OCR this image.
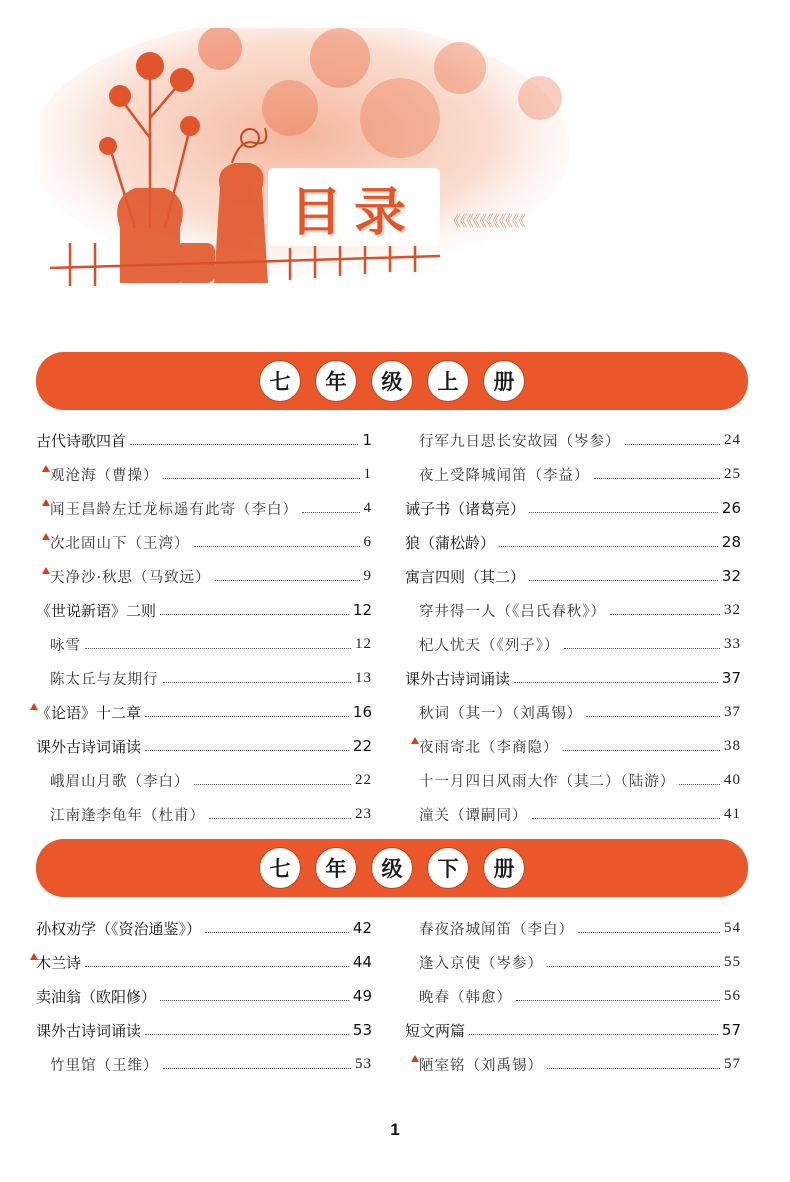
目录 《《《《《《《《《《《
七	年	级	上	册
古代诗歌四首	1
观沧海（曹操）	1
闻王昌龄左迁龙标遥有此寄（李白）	4
次北固山下（王湾）	6
天净沙·秋思（马致远）	9
《世说新语》二则	12
咏雪	12
陈太丘与友期行	13
《论语》十二章	16
课外古诗词诵读	22
峨眉山月歌（李白）	22
江南逢李龟年（杜甫）	23
行军九日思长安故园（岑参）	24
夜上受降城闻笛（李益）	25
诫子书（诸葛亮）	26
狼（蒲松龄）	28
寓言四则（其二）	32
穿井得一人（《吕氏春秋》）	32
杞人忧天（《列子》）	33
课外古诗词诵读	37
秋词（其一）（刘禹锡）	37
夜雨寄北（李商隐）	38
十一月四日风雨大作（其二）（陆游）	40
潼关（谭嗣同）	41
七	年	级	下	册
孙权劝学（《资治通鉴》）	42
木兰诗	44
卖油翁（欧阳修）	49
课外古诗词诵读	53
竹里馆（王维）	53
春夜洛城闻笛（李白）	54
逢入京使（岑参）	55
晚春（韩愈）	56
短文两篇	57
陋室铭（刘禹锡）	57
1
